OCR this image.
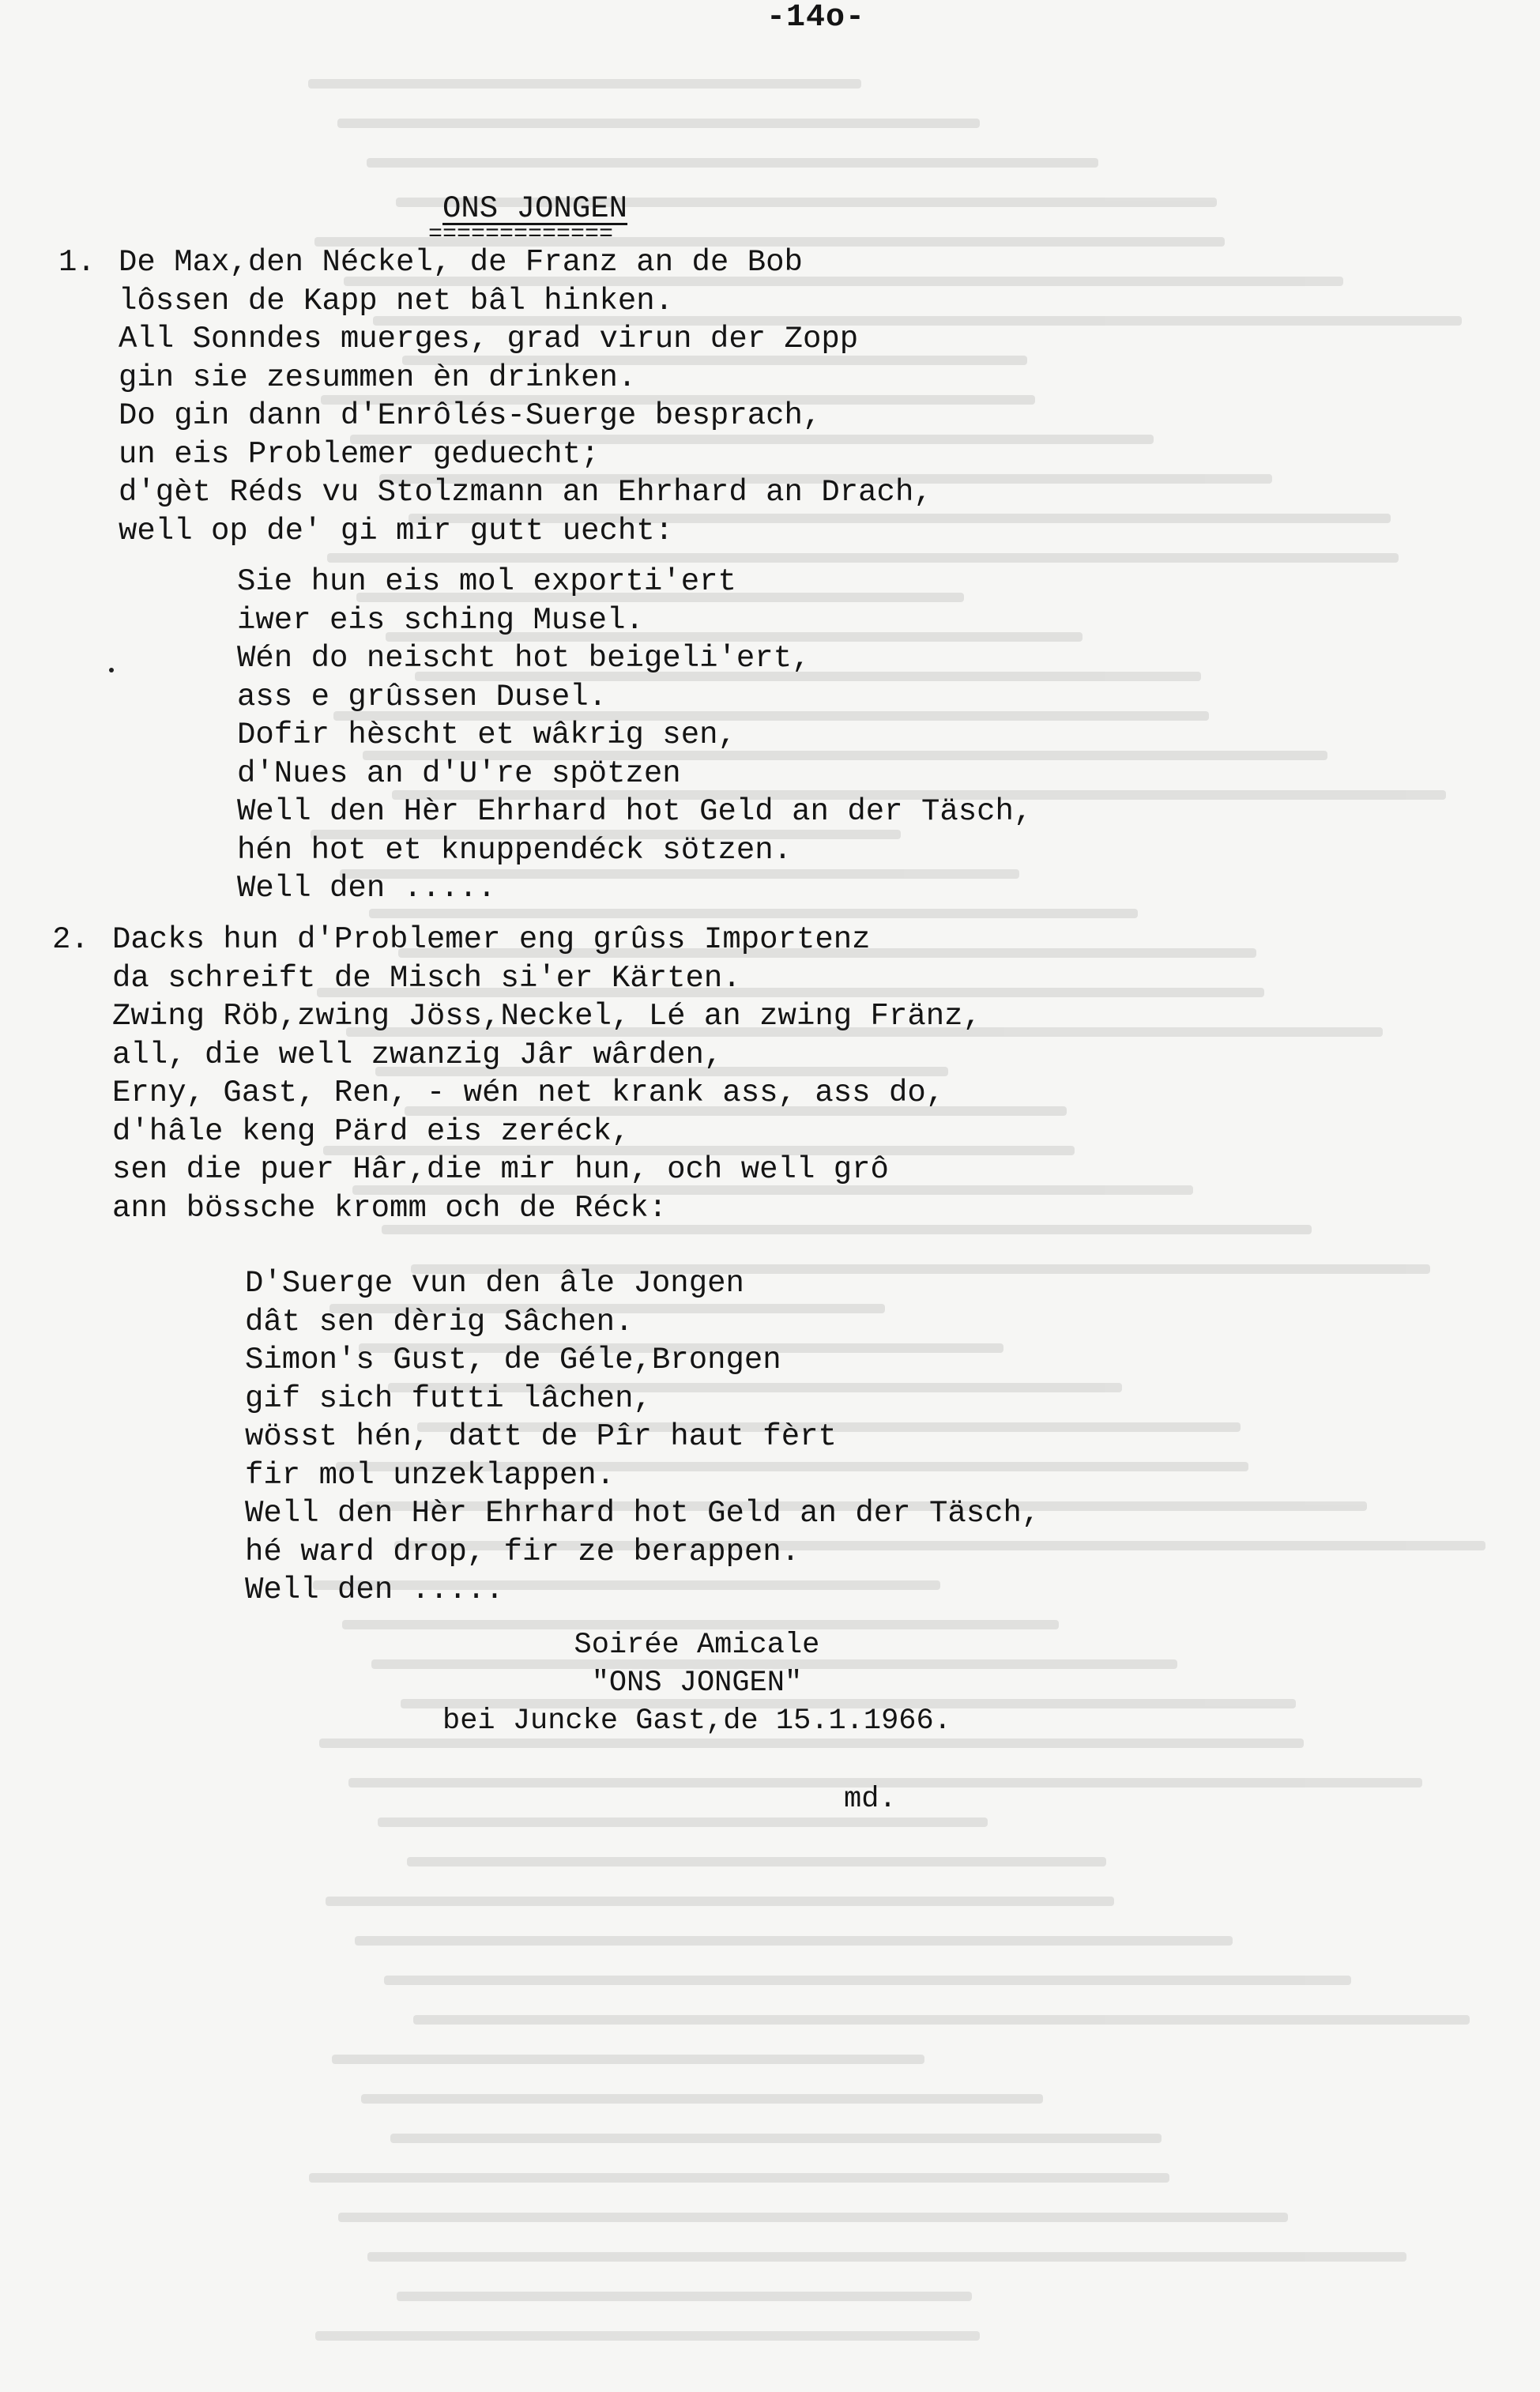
-14o-
ONS JONGEN
=============
1. De Max,den Néckel, de Franz an de Bob
lôssen de Kapp net bâl hinken.
All Sonndes muerges, grad virun der Zopp
gin sie zesummen èn drinken.
Do gin dann d'Enrôlés-Suerge besprach,
un eis Problemer geduecht;
d'gèt Réds vu Stolzmann an Ehrhard an Drach,
well op de' gi mir gutt uecht:
Sie hun eis mol exporti'ert
iwer eis sching Musel.
Wén do neischt hot beigeli'ert,
ass e grûssen Dusel.
Dofir hèscht et wâkrig sen,
d'Nues an d'U're spötzen
Well den Hèr Ehrhard hot Geld an der Täsch,
hén hot et knuppendéck sötzen.
Well den .....
2. Dacks hun d'Problemer eng grûss Importenz
da schreift de Misch si'er Kärten.
Zwing Röb,zwing Jöss,Neckel, Lé an zwing Fränz,
all, die well zwanzig Jâr wârden,
Erny, Gast, Ren, - wén net krank ass, ass do,
d'hâle keng Pärd eis zeréck,
sen die puer Hâr,die mir hun, och well grô
ann bössche kromm och de Réck:
D'Suerge vun den âle Jongen
dât sen dèrig Sâchen.
Simon's Gust, de Géle,Brongen
gif sich futti lâchen,
wösst hén, datt de Pîr haut fèrt
fir mol unzeklappen.
Well den Hèr Ehrhard hot Geld an der Täsch,
hé ward drop, fir ze berappen.
Well den .....
Soirée Amicale
"ONS JONGEN"
bei Juncke Gast,de 15.1.1966.
md.
